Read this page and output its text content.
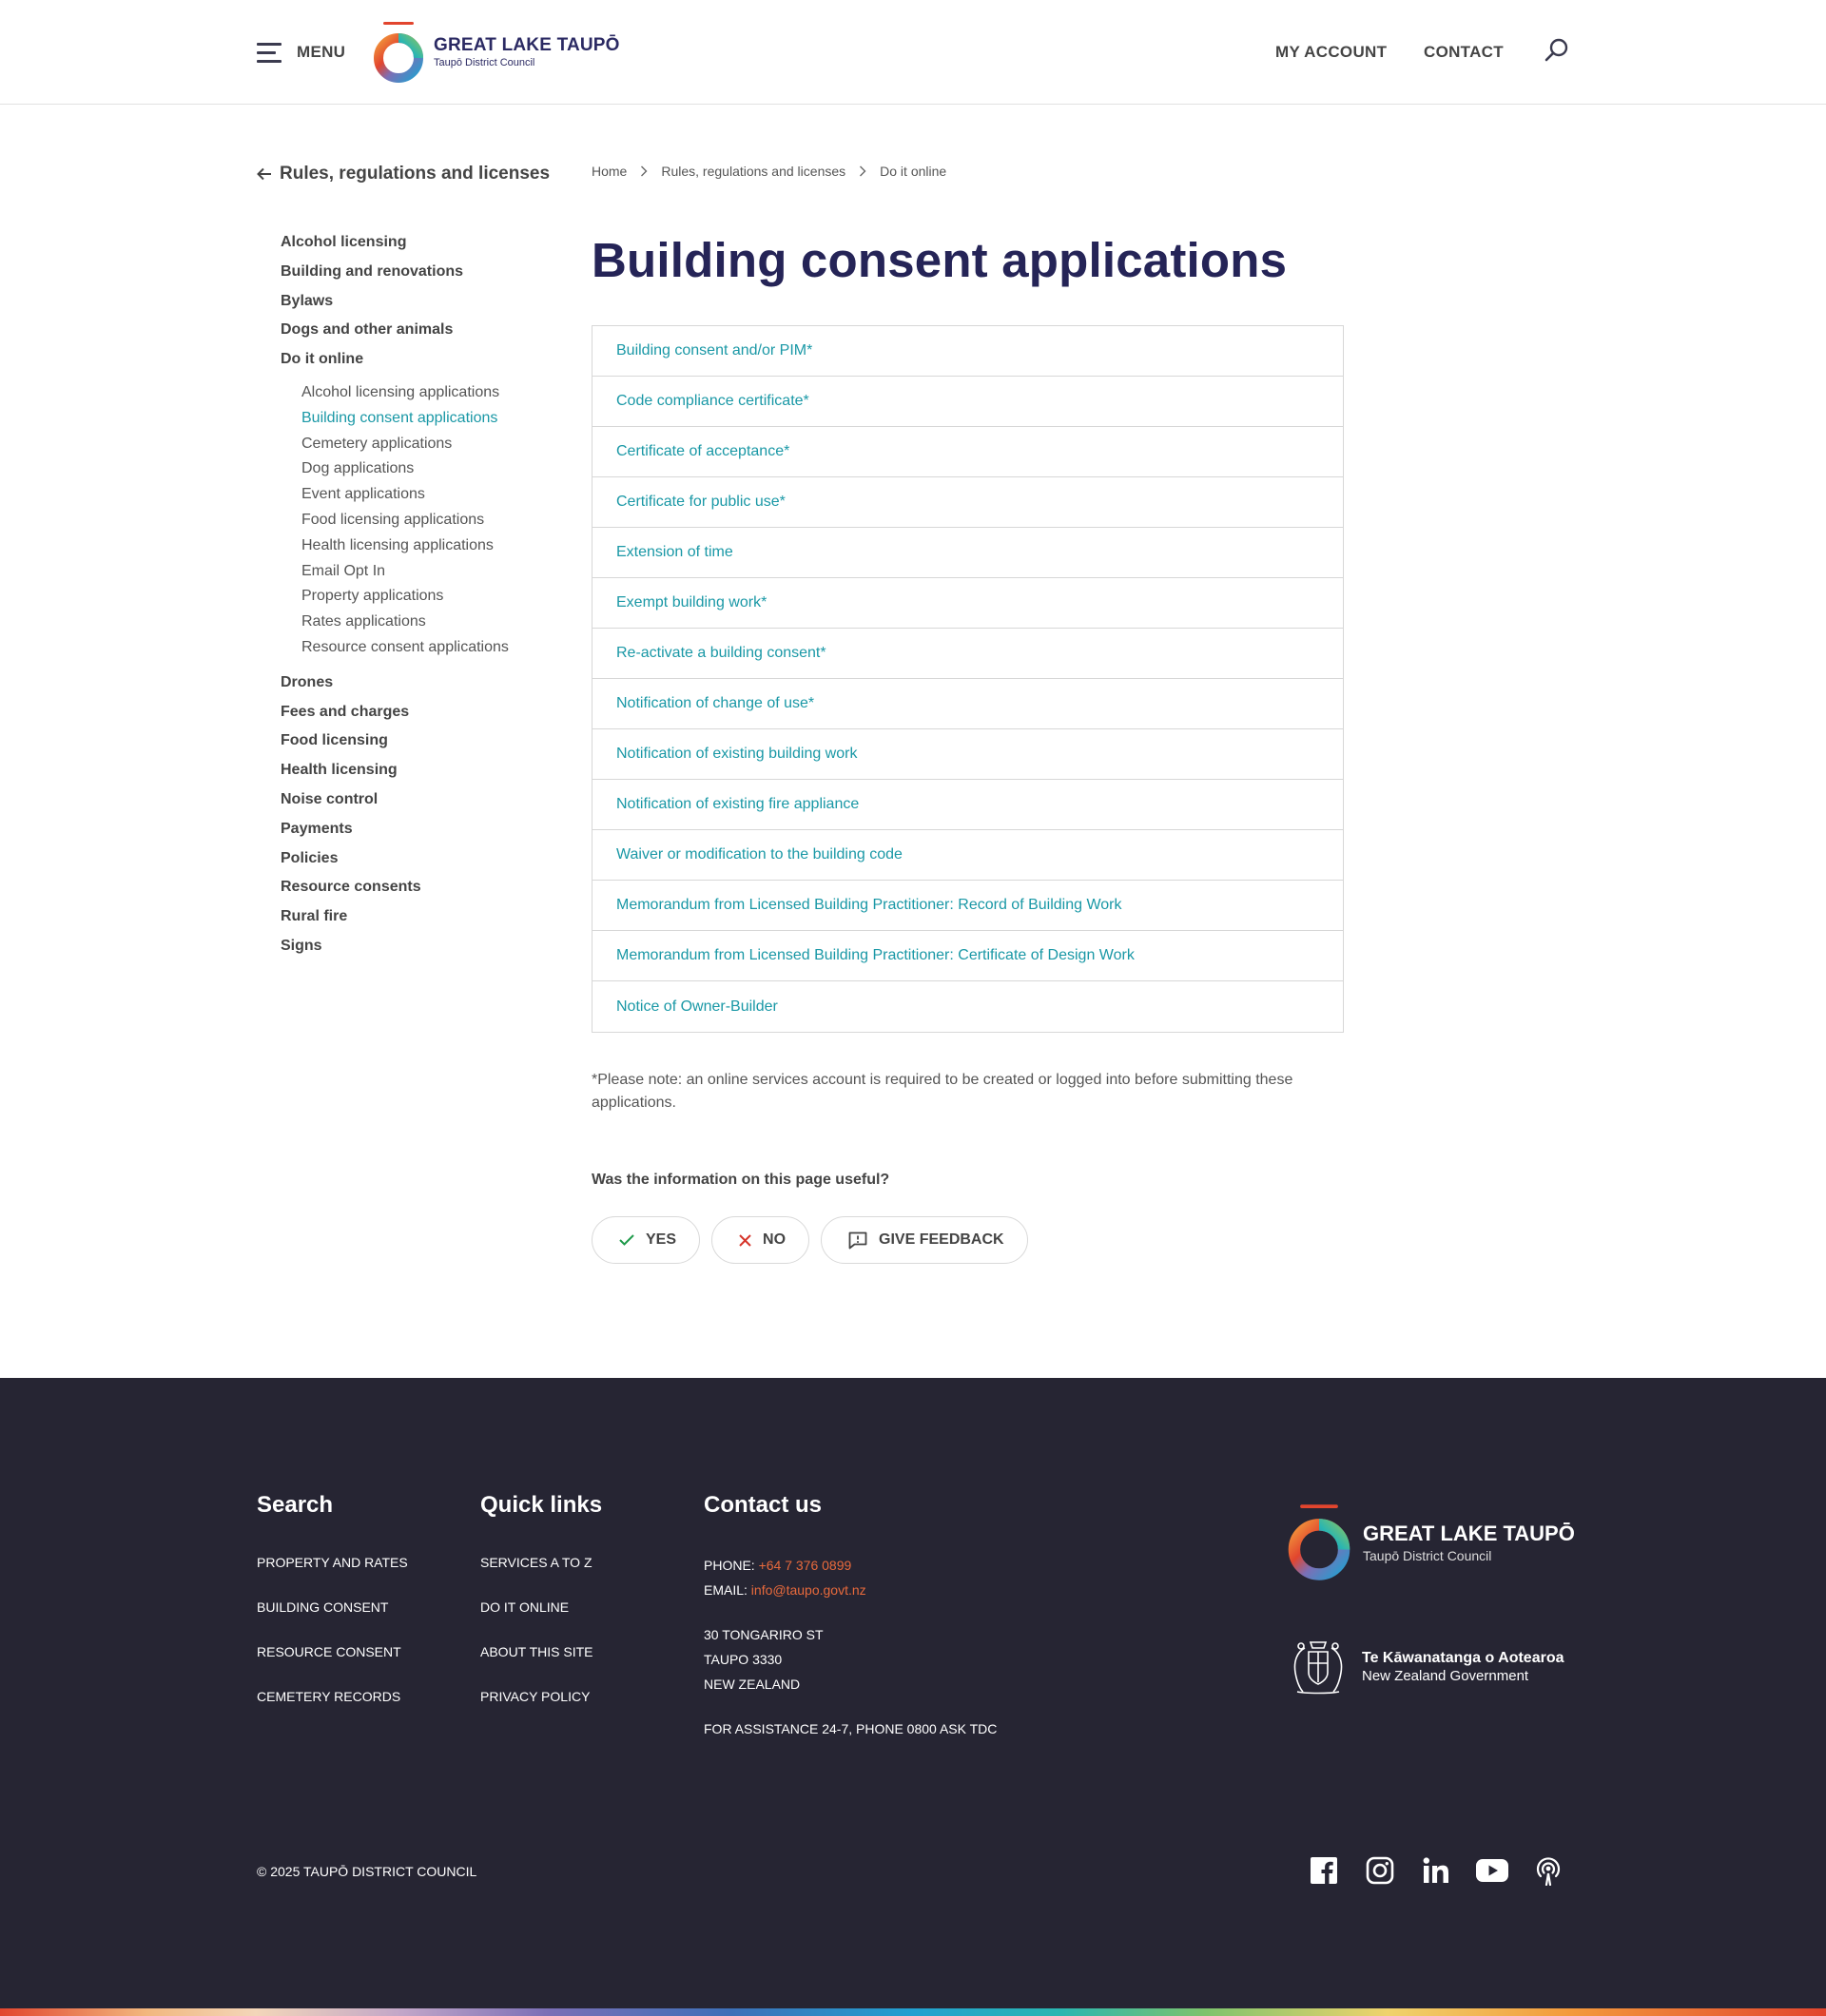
MENU	GREAT LAKE TAUPŌ
Taupō District Council
MY ACCOUNT CONTACT
Rules, regulations and licenses
Alcohol licensing
Building and renovations
Bylaws
Dogs and other animals
Do it online
Alcohol licensing applications
Building consent applications
Cemetery applications
Dog applications
Event applications
Food licensing applications
Health licensing applications
Email Opt In
Property applications
Rates applications
Resource consent applications
Drones
Fees and charges
Food licensing
Health licensing
Noise control
Payments
Policies
Resource consents
Rural fire
Signs
Home	Rules, regulations and licenses	Do it online
Building consent applications
Building consent and/or PIM*
Code compliance certificate*
Certificate of acceptance*
Certificate for public use*
Extension of time
Exempt building work*
Re-activate a building consent*
Notification of change of use*
Notification of existing building work
Notification of existing fire appliance
Waiver or modification to the building code
Memorandum from Licensed Building Practitioner: Record of Building Work
Memorandum from Licensed Building Practitioner: Certificate of Design Work
Notice of Owner-Builder

*Please note: an online services account is required to be created or logged into before submitting these applications.

Was the information on this page useful?

YES	NO	GIVE FEEDBACK
Search
PROPERTY AND RATES
BUILDING CONSENT
RESOURCE CONSENT
CEMETERY RECORDS
Quick links
SERVICES A TO Z
DO IT ONLINE
ABOUT THIS SITE
PRIVACY POLICY
Contact us
PHONE: +64 7 376 0899
EMAIL: info@taupo.govt.nz
30 TONGARIRO ST
TAUPO 3330
NEW ZEALAND
FOR ASSISTANCE 24-7, PHONE 0800 ASK TDC
GREAT LAKE TAUPŌ
Taupō District Council
Te Kāwanatanga o Aotearoa
New Zealand Government
© 2025 TAUPŌ DISTRICT COUNCIL
